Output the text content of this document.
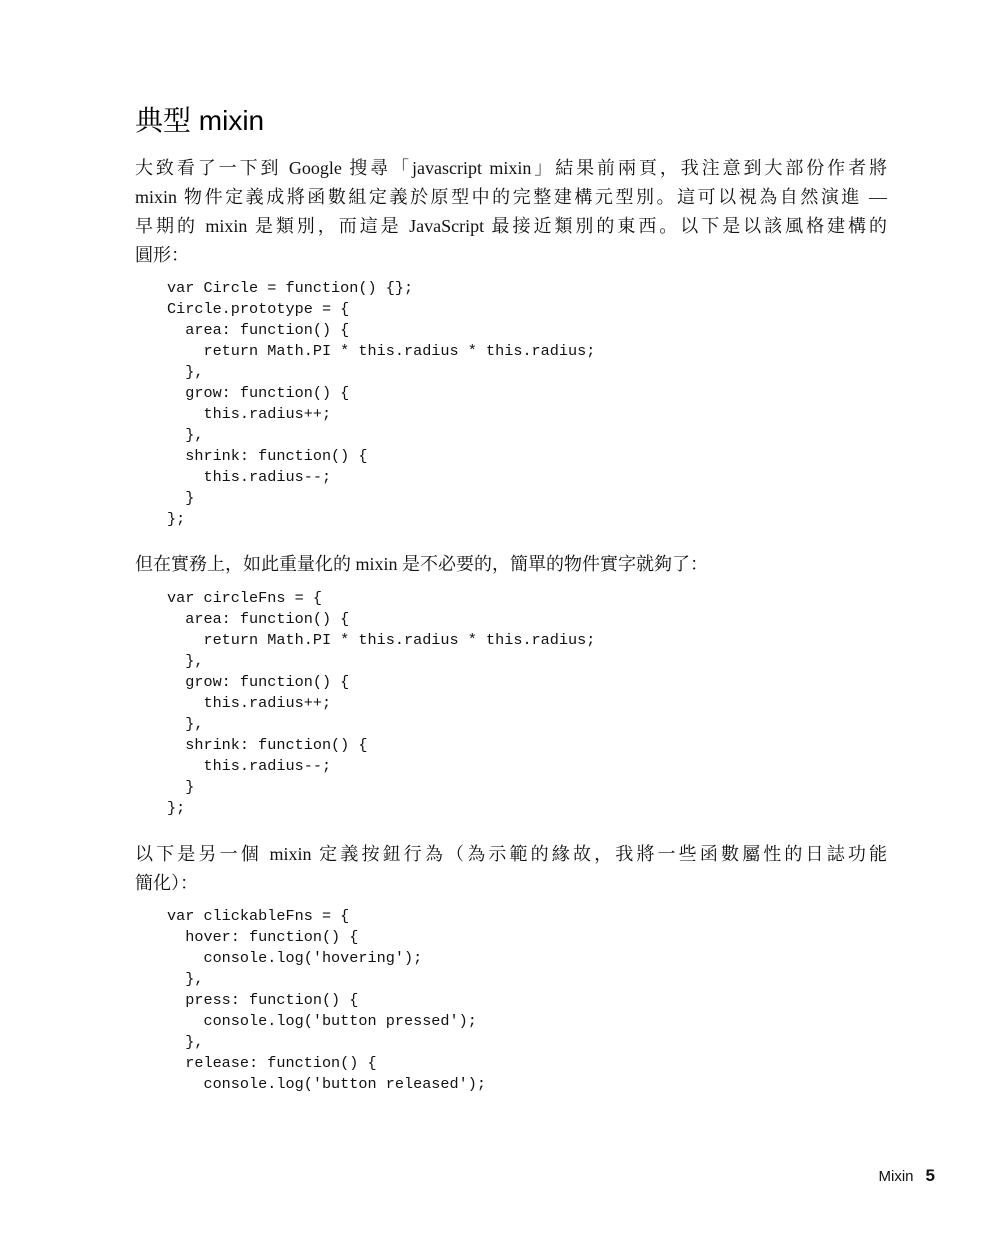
典型 mixin

大致看了一下到 Google 搜尋「javascript mixin」結果前兩頁，我注意到大部份作者將
mixin 物件定義成將函數組定義於原型中的完整建構元型別。這可以視為自然演進 —
早期的 mixin 是類別，而這是 JavaScript 最接近類別的東西。以下是以該風格建構的
圓形：

var Circle = function() {};
Circle.prototype = {
area: function() {
return Math.PI * this.radius * this.radius;
},
grow: function() {
this.radius++;
},
shrink: function() {
this.radius--;
}
};

但在實務上，如此重量化的 mixin 是不必要的，簡單的物件實字就夠了：

var circleFns = {
area: function() {
return Math.PI * this.radius * this.radius;
},
grow: function() {
this.radius++;
},
shrink: function() {
this.radius--;
}
};

以下是另一個 mixin 定義按鈕行為（為示範的緣故，我將一些函數屬性的日誌功能
簡化）：

var clickableFns = {
hover: function() {
console.log('hovering');
},
press: function() {
console.log('button pressed');
},
release: function() {
console.log('button released');
Mixin 5
